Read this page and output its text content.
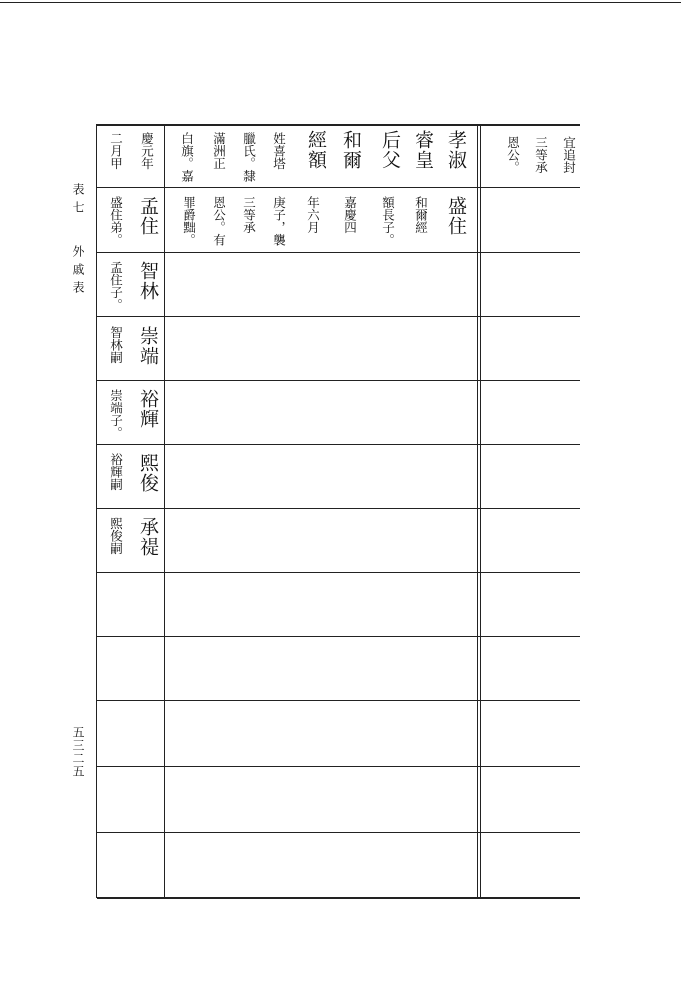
表七
外戚表
五三二五
孝淑
睿皇
后父
和爾
經額
姓喜塔
臘氏。隸
滿洲正
白旗。嘉
慶元年
二月甲	宜追封
三等承
恩公。
盛住
和爾經
額長子。
嘉慶四
年六月
庚子，襲
三等承
恩公。有
罪爵黜。
孟住
盛住弟。
智林
孟住子。
崇端
智林嗣
裕輝
崇端子。
熙俊
裕輝嗣
承禔
熙俊嗣
